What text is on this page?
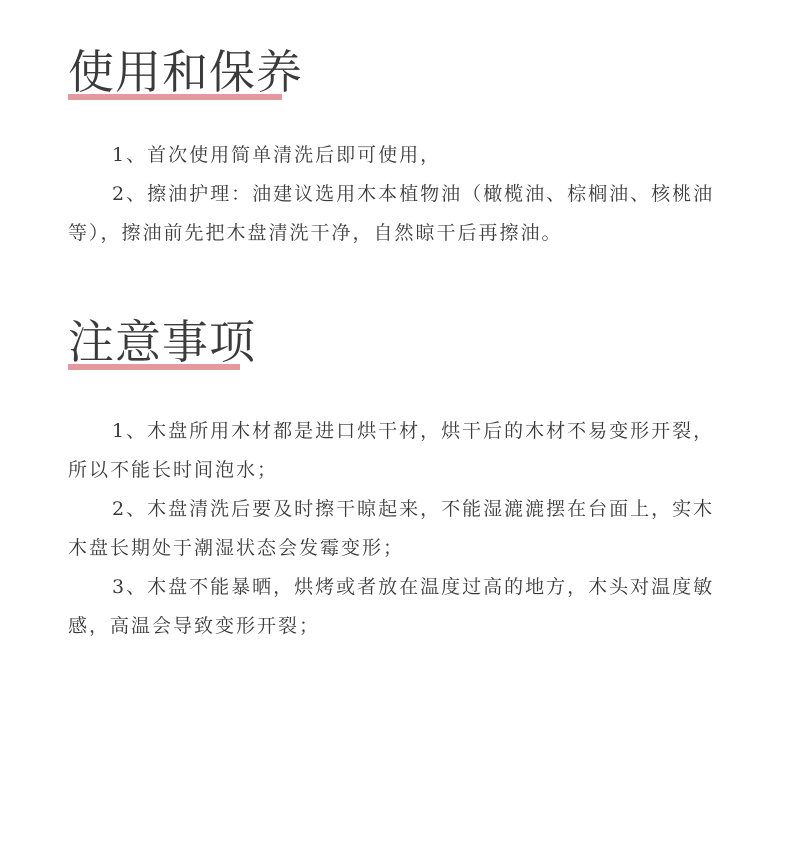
使用和保养

1、首次使用简单清洗后即可使用，

2、擦油护理：油建议选用木本植物油（橄榄油、棕榈油、核桃油等），擦油前先把木盘清洗干净，自然晾干后再擦油。

注意事项

1、木盘所用木材都是进口烘干材，烘干后的木材不易变形开裂，所以不能长时间泡水；

2、木盘清洗后要及时擦干晾起来，不能湿漉漉摆在台面上，实木木盘长期处于潮湿状态会发霉变形；

3、木盘不能暴晒，烘烤或者放在温度过高的地方，木头对温度敏感，高温会导致变形开裂；
